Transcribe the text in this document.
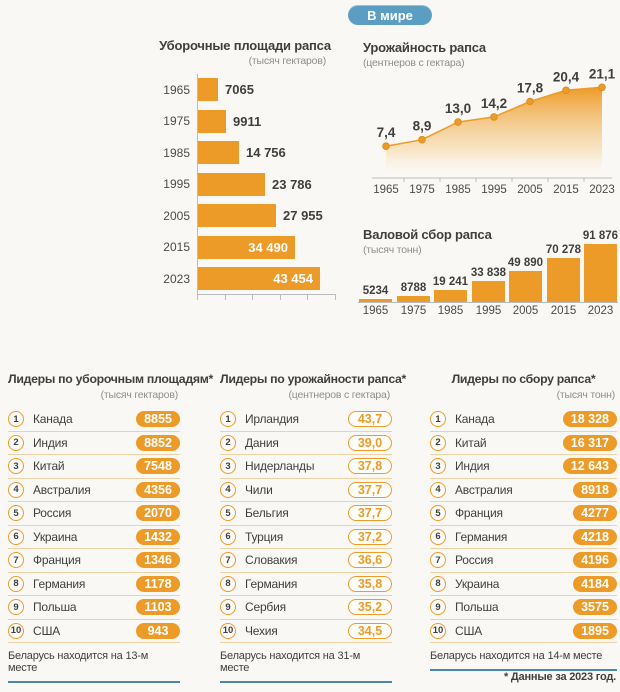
В мире
Уборочные площади рапса
(тысяч гектаров)
1965	7065
1975	9911
1985	14 756
1995	23 786
2005	27 955
2015	34 490
2023	43 454
Урожайность рапса
(центнеров с гектара)
7,4
1965
8,9
1975
13,0
1985
14,2
1995
17,8
2005
20,4
2015
21,1
2023
Валовой сбор рапса
(тысяч тонн)
5234	8788 19 241
33 838
49 890
70 278
91 876
1965	1975 1985	1995 2005	2015 2023
Лидеры по уборочным площадям*
(тысяч гектаров)
1	Канада	8855
2	Индия	8852
3	Китай	7548
4	Австралия	4356
5	Россия	2070
6	Украина	1432
7	Франция	1346
8	Германия	1178
9	Польша	1103
10 США	943
Беларусь находится на 13-м месте
Лидеры по урожайности рапса*
(центнеров с гектара)
1	Ирландия	43,7
2	Дания	39,0
3	Нидерланды	37,8
4	Чили	37,7
5	Бельгия	37,7
6	Турция	37,2
7	Словакия	36,6
8	Германия	35,8
9	Сербия	35,2
10 Чехия	34,5
Беларусь находится на 31-м месте
Лидеры по сбору рапса*
(тысяч тонн)
1	Канада	18 328
2	Китай	16 317
3	Индия	12 643
4	Австралия	8918
5	Франция	4277
6	Германия	4218
7	Россия	4196
8	Украина	4184
9	Польша	3575
10 США	1895
Беларусь находится на 14-м месте
* Данные за 2023 год.
